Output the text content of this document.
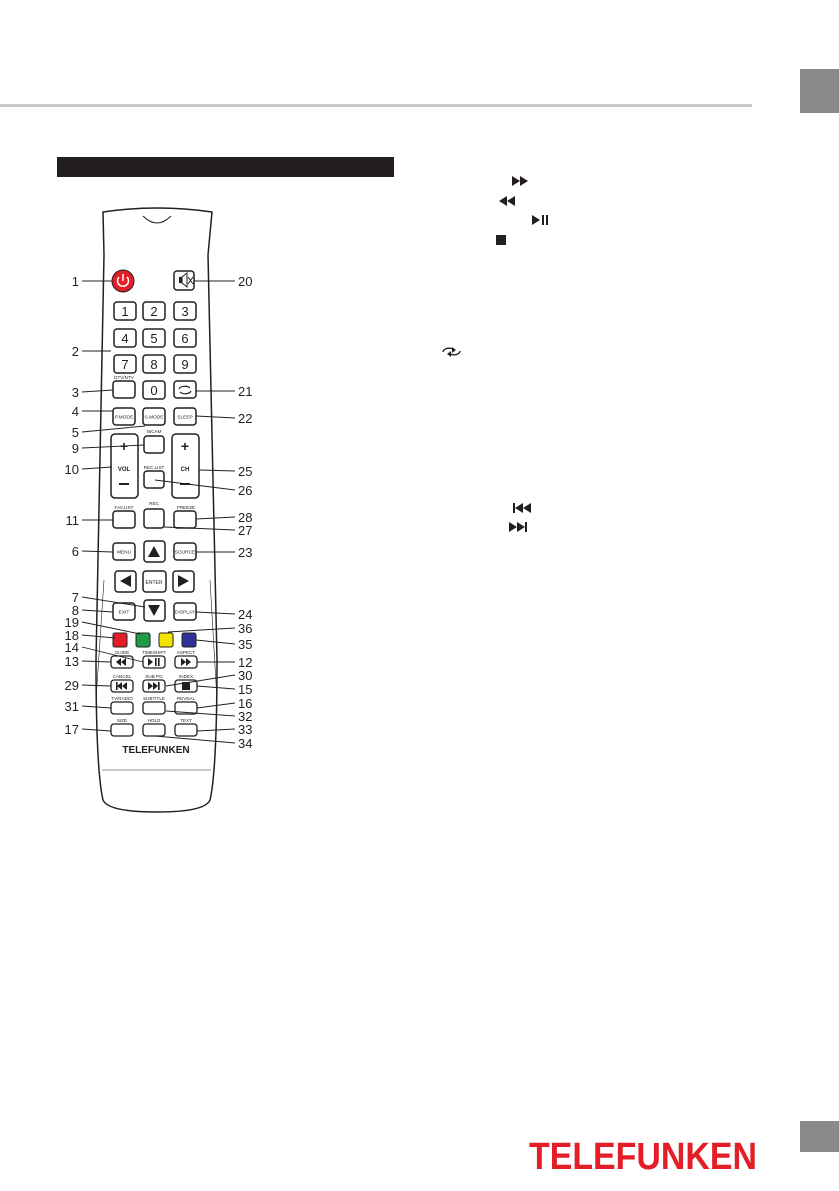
1 2 3
4 5 6
7 8 9
0
P.MODE S.MODE	SLEEP
MENU	SOURCE
EXIT	DISPLAY
+
VOL
+
CH
ENTER
GUIDE	TIMESHIFT ASPECT
CANCEL	SUB PG	INDEX
TV/RADIO SUBTITLE	REVEAL
SIZE	HOLD	TEXT
DTV/NTV
NICAM
REC.LIST
FAV.LIST
REC
FREEZE
TELEFUNKEN
1
2
3
4
5
9
10
11
6
7
8
19
18
14
13
29
31
17
20
21
22
25
26
28
27
23
24
36
35
12
30
15
16
32
33
34
TELEFUNKEN
